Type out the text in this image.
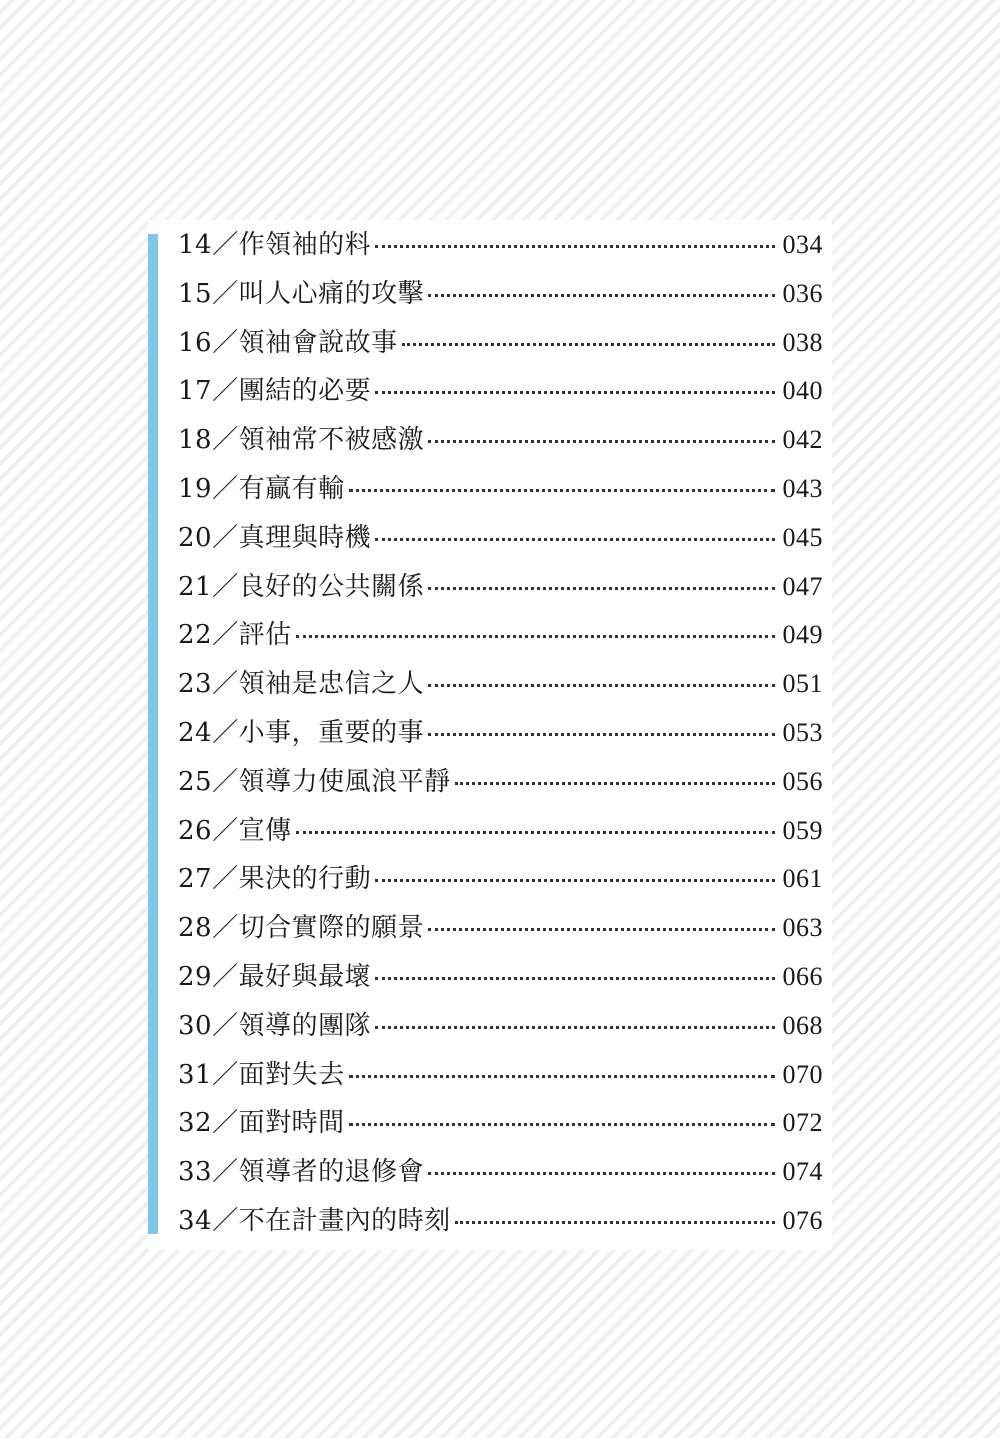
14／作領袖的料	034
15／叫人心痛的攻擊	036
16／領袖會說故事	038
17／團結的必要	040
18／領袖常不被感激	042
19／有贏有輸	043
20／真理與時機	045
21／良好的公共關係	047
22／評估	049
23／領袖是忠信之人	051
24／小事，重要的事	053
25／領導力使風浪平靜	056
26／宣傳	059
27／果決的行動	061
28／切合實際的願景	063
29／最好與最壞	066
30／領導的團隊	068
31／面對失去	070
32／面對時間	072
33／領導者的退修會	074
34／不在計畫內的時刻	076
